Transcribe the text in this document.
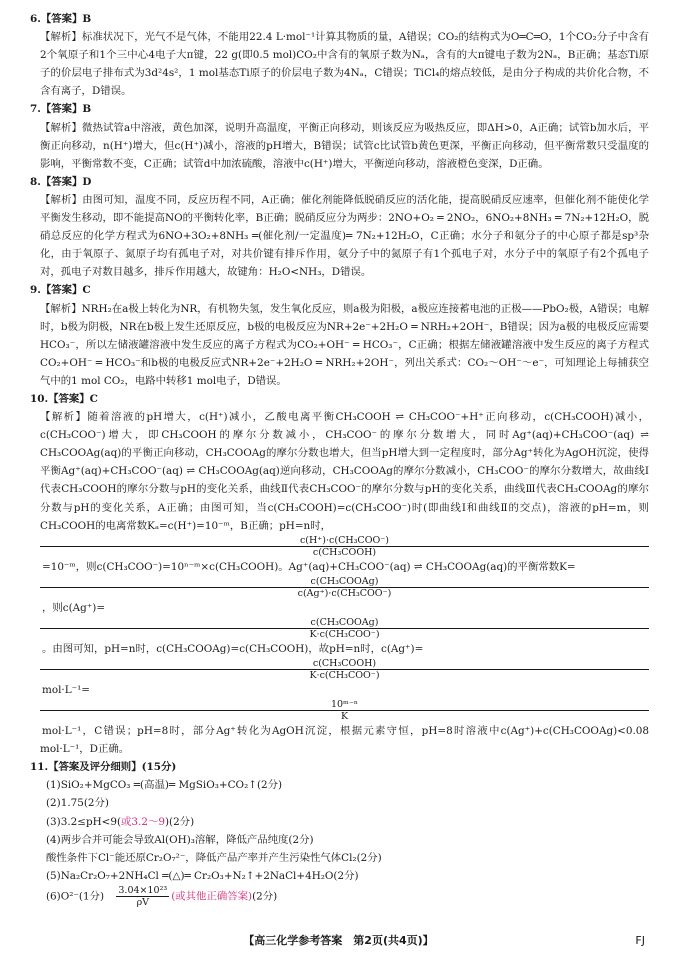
6.【答案】B
【解析】标准状况下，光气不是气体，不能用22.4 L·mol⁻¹计算其物质的量，A错误；CO₂的结构式为O═C═O，1个CO₂分子中含有2个氧原子和1个三中心4电子大π键，22 g(即0.5 mol)CO₂中含有的氧原子数为Nₐ，含有的大π键电子数为2Nₐ，B正确；基态Ti原子的价层电子排布式为3d²4s²，1 mol基态Ti原子的价层电子数为4Nₐ，C错误；TiCl₄的熔点较低，是由分子构成的共价化合物，不含有离子，D错误。
7.【答案】B
【解析】微热试管a中溶液，黄色加深，说明升高温度，平衡正向移动，则该反应为吸热反应，即ΔH>0，A正确；试管b加水后，平衡正向移动，n(H⁺)增大，但c(H⁺)减小，溶液的pH增大，B错误；试管c比试管b黄色更深，平衡正向移动，但平衡常数只受温度的影响，平衡常数不变，C正确；试管d中加浓硫酸，溶液中c(H⁺)增大，平衡逆向移动，溶液橙色变深，D正确。
8.【答案】D
【解析】由图可知，温度不同，反应历程不同，A正确；催化剂能降低脱硝反应的活化能，提高脱硝反应速率，但催化剂不能使化学平衡发生移动，即不能提高NO的平衡转化率，B正确；脱硝反应分为两步：2NO+O₂ ═ 2NO₂，6NO₂+8NH₃ ═ 7N₂+12H₂O，脱硝总反应的化学方程式为6NO+3O₂+8NH₃ ═(催化剂/一定温度)═ 7N₂+12H₂O，C正确；水分子和氨分子的中心原子都是sp³杂化，由于氧原子、氮原子均有孤电子对，对共价键有排斥作用，氨分子中的氮原子有1个孤电子对，水分子中的氧原子有2个孤电子对，孤电子对数目越多，排斥作用越大，故键角：H₂O<NH₃，D错误。
9.【答案】C
【解析】NRH₂在a极上转化为NR，有机物失氢，发生氧化反应，则a极为阳极，a极应连接蓄电池的正极——PbO₂极，A错误；电解时，b极为阴极，NR在b极上发生还原反应，b极的电极反应为NR+2e⁻+2H₂O ═ NRH₂+2OH⁻，B错误；因为a极的电极反应需要HCO₃⁻，所以左储液罐溶液中发生反应的离子方程式为CO₂+OH⁻ ═ HCO₃⁻，C正确；根据左储液罐溶液中发生反应的离子方程式CO₂+OH⁻ ═ HCO₃⁻和b极的电极反应式NR+2e⁻+2H₂O ═ NRH₂+2OH⁻，列出关系式：CO₂～OH⁻～e⁻，可知理论上每捕获空气中的1 mol CO₂，电路中转移1 mol电子，D错误。
10.【答案】C
【解析】随着溶液的pH增大，c(H⁺)减小，乙酸电离平衡CH₃COOH ⇌ CH₃COO⁻+H⁺正向移动，c(CH₃COOH)减小，c(CH₃COO⁻)增大，即CH₃COOH的摩尔分数减小，CH₃COO⁻的摩尔分数增大，同时Ag⁺(aq)+CH₃COO⁻(aq) ⇌ CH₃COOAg(aq)的平衡正向移动，CH₃COOAg的摩尔分数也增大，但当pH增大到一定程度时，部分Ag⁺转化为AgOH沉淀，使得平衡Ag⁺(aq)+CH₃COO⁻(aq) ⇌ CH₃COOAg(aq)逆向移动，CH₃COOAg的摩尔分数减小，CH₃COO⁻的摩尔分数增大，故曲线Ⅰ代表CH₃COOH的摩尔分数与pH的变化关系，曲线Ⅱ代表CH₃COO⁻的摩尔分数与pH的变化关系，曲线Ⅲ代表CH₃COOAg的摩尔分数与pH的变化关系，A正确；由图可知，当c(CH₃COOH)=c(CH₃COO⁻)时(即曲线Ⅰ和曲线Ⅱ的交点)，溶液的pH=m，则CH₃COOH的电离常数Kₐ=c(H⁺)=10⁻ᵐ，B正确；pH=n时，
c(H⁺)·c(CH₃COO⁻)
c(CH₃COOH)
=10⁻ᵐ，则c(CH₃COO⁻)=10ⁿ⁻ᵐ×c(CH₃COOH)。Ag⁺(aq)+CH₃COO⁻(aq) ⇌ CH₃COOAg(aq)的平衡常数K=
c(CH₃COOAg)
c(Ag⁺)·c(CH₃COO⁻)
，则c(Ag⁺)=
c(CH₃COOAg)
K·c(CH₃COO⁻)
。由图可知，pH=n时，c(CH₃COOAg)=c(CH₃COOH)，故pH=n时，c(Ag⁺)=
c(CH₃COOH)
K·c(CH₃COO⁻)
mol·L⁻¹=
10ᵐ⁻ⁿ
K
mol·L⁻¹，C错误；pH=8时，部分Ag⁺转化为AgOH沉淀，根据元素守恒，pH=8时溶液中c(Ag⁺)+c(CH₃COOAg)<0.08 mol·L⁻¹，D正确。
11.【答案及评分细则】(15分)
(1)SiO₂+MgCO₃ ═(高温)═ MgSiO₃+CO₂↑(2分)
(2)1.75(2分)
(3)3.2≤pH<9(或3.2～9)(2分)
(4)两步合并可能会导致Al(OH)₃溶解，降低产品纯度(2分)
酸性条件下Cl⁻能还原Cr₂O₇²⁻，降低产品产率并产生污染性气体Cl₂(2分)
(5)Na₂Cr₂O₇+2NH₄Cl ═(△)═ Cr₂O₃+N₂↑+2NaCl+4H₂O(2分)
(6)O²⁻(1分)　 $\frac{\text{3.04×10²³}}{\rho V}$ (或其他正确答案)(2分)
【高三化学参考答案　第2页(共4页)】	FJ
